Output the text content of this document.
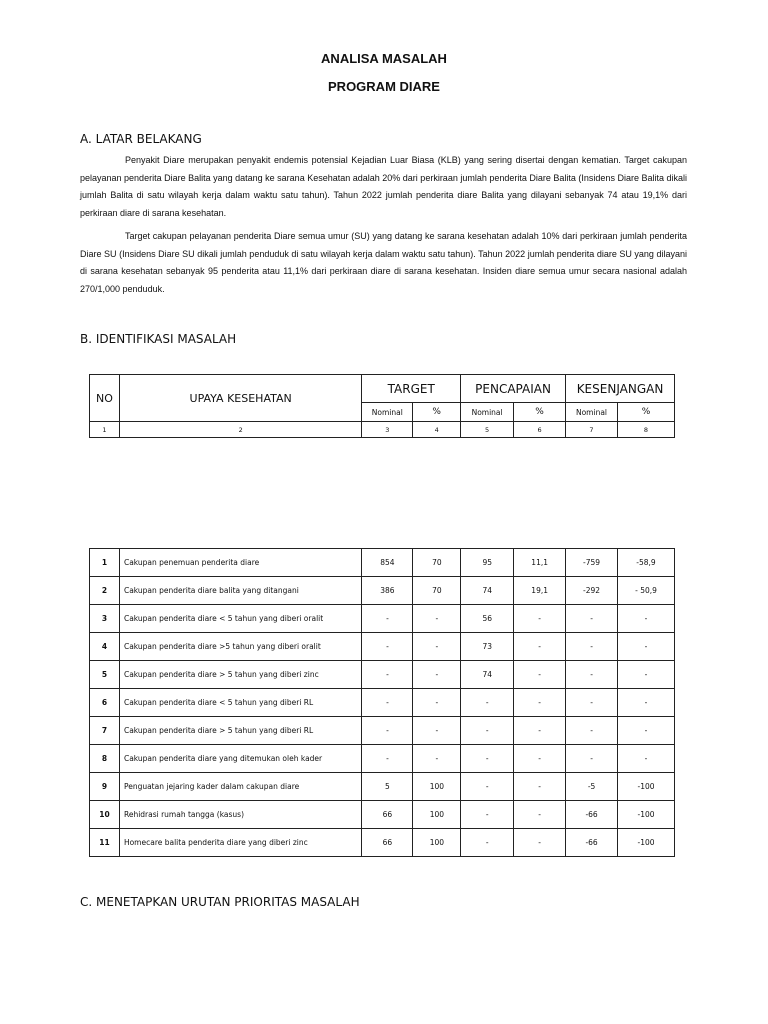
ANALISA MASALAH
PROGRAM DIARE
A. LATAR BELAKANG

Penyakit Diare merupakan penyakit endemis potensial Kejadian Luar Biasa (KLB) yang sering disertai dengan kematian. Target cakupan pelayanan penderita Diare Balita yang datang ke sarana Kesehatan adalah 20% dari perkiraan jumlah penderita Diare Balita (Insidens Diare Balita dikali jumlah Balita di satu wilayah kerja dalam waktu satu tahun). Tahun 2022 jumlah penderita diare Balita yang dilayani sebanyak 74 atau 19,1% dari perkiraan diare di sarana kesehatan.

Target cakupan pelayanan penderita Diare semua umur (SU) yang datang ke sarana kesehatan adalah 10% dari perkiraan jumlah penderita Diare SU (Insidens Diare SU dikali jumlah penduduk di satu wilayah kerja dalam waktu satu tahun). Tahun 2022 jumlah penderita diare SU yang dilayani di sarana kesehatan sebanyak 95 penderita atau 11,1% dari perkiraan diare di sarana kesehatan. Insiden diare semua umur secara nasional adalah 270/1,000 penduduk.

B. IDENTIFIKASI MASALAH
NO	UPAYA KESEHATAN	TARGET		PENCAPAIAN		KESENJANGAN	
		Nominal	%	Nominal	%	Nominal	%
1	2	3	4	5	6	7	8
1	Cakupan penemuan penderita diare	854	70	95	11,1	-759	-58,9
2	Cakupan penderita diare balita yang ditangani	386	70	74	19,1	-292	- 50,9
3	Cakupan penderita diare < 5 tahun yang diberi oralit	-	-	56	-	-	-
4	Cakupan penderita diare >5 tahun yang diberi oralit	-	-	73	-	-	-
5	Cakupan penderita diare > 5 tahun yang diberi zinc	-	-	74	-	-	-
6	Cakupan penderita diare < 5 tahun yang diberi RL	-	-	-	-	-	-
7	Cakupan penderita diare > 5 tahun yang diberi RL	-	-	-	-	-	-
8	Cakupan penderita diare yang ditemukan oleh kader	-	-	-	-	-	-
9	Penguatan jejaring kader dalam cakupan diare	5	100	-	-	-5	-100
10	Rehidrasi rumah tangga (kasus)	66	100	-	-	-66	-100
11	Homecare balita penderita diare yang diberi zinc	66	100	-	-	-66	-100
C. MENETAPKAN URUTAN PRIORITAS MASALAH
